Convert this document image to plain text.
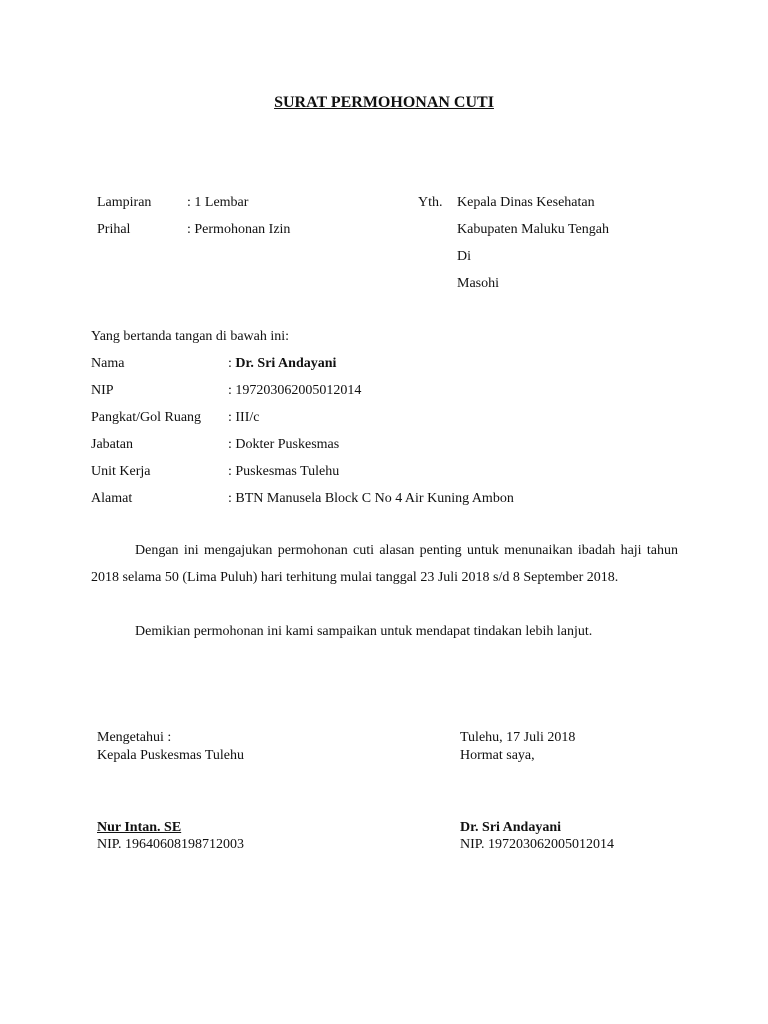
SURAT PERMOHONAN CUTI
Lampiran	: 1 Lembar
Prihal	: Permohonan Izin
Yth. Kepala Dinas Kesehatan
Kabupaten Maluku Tengah
Di
Masohi
Yang bertanda tangan di bawah ini:
Nama	: Dr. Sri Andayani
NIP	: 197203062005012014
Pangkat/Gol Ruang : III/c
Jabatan	: Dokter Puskesmas
Unit Kerja	: Puskesmas Tulehu
Alamat	: BTN Manusela Block C No 4 Air Kuning Ambon
Dengan ini mengajukan permohonan cuti alasan penting untuk menunaikan ibadah haji tahun 2018 selama 50 (Lima Puluh) hari terhitung mulai tanggal 23 Juli 2018 s/d 8 September 2018.
Demikian permohonan ini kami sampaikan untuk mendapat tindakan lebih lanjut.
Mengetahui :
Kepala Puskesmas Tulehu
Nur Intan. SE
NIP. 19640608198712003
Tulehu, 17 Juli 2018
Hormat saya,
Dr. Sri Andayani
NIP. 197203062005012014
